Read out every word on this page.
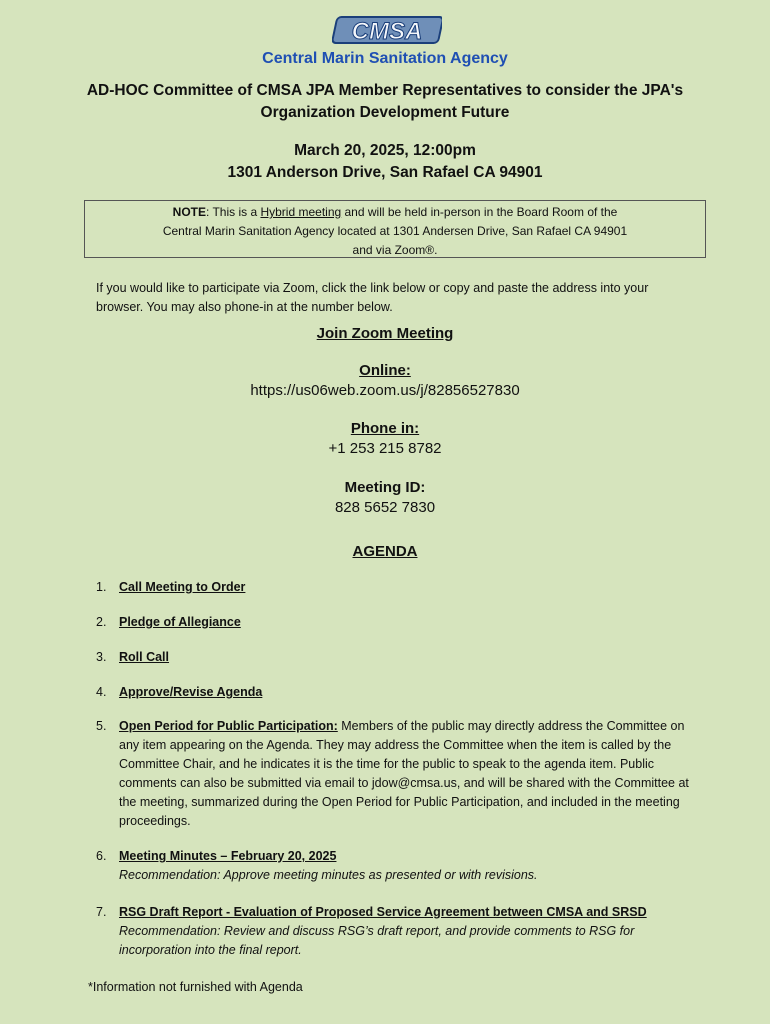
CMSA
Central Marin Sanitation Agency
AD-HOC Committee of CMSA JPA Member Representatives to consider the JPA's Organization Development Future
March 20, 2025, 12:00pm
1301 Anderson Drive, San Rafael CA 94901
NOTE: This is a Hybrid meeting and will be held in-person in the Board Room of the
Central Marin Sanitation Agency located at 1301 Andersen Drive, San Rafael CA 94901
and via Zoom®.
If you would like to participate via Zoom, click the link below or copy and paste the address into your browser. You may also phone-in at the number below.
Join Zoom Meeting
Online:
https://us06web.zoom.us/j/82856527830
Phone in:
+1 253 215 8782
Meeting ID:
828 5652 7830
AGENDA
1.	Call Meeting to Order
2.	Pledge of Allegiance
3.	Roll Call
4.	Approve/Revise Agenda
5.	Open Period for Public Participation: Members of the public may directly address the Committee on any item appearing on the Agenda. They may address the Committee when the item is called by the Committee Chair, and he indicates it is the time for the public to speak to the agenda item. Public comments can also be submitted via email to jdow@cmsa.us, and will be shared with the Committee at the meeting, summarized during the Open Period for Public Participation, and included in the meeting proceedings.
6.	Meeting Minutes – February 20, 2025
Recommendation: Approve meeting minutes as presented or with revisions.
7.	RSG Draft Report - Evaluation of Proposed Service Agreement between CMSA and SRSD
Recommendation: Review and discuss RSG’s draft report, and provide comments to RSG for incorporation into the final report.
*Information not furnished with Agenda
